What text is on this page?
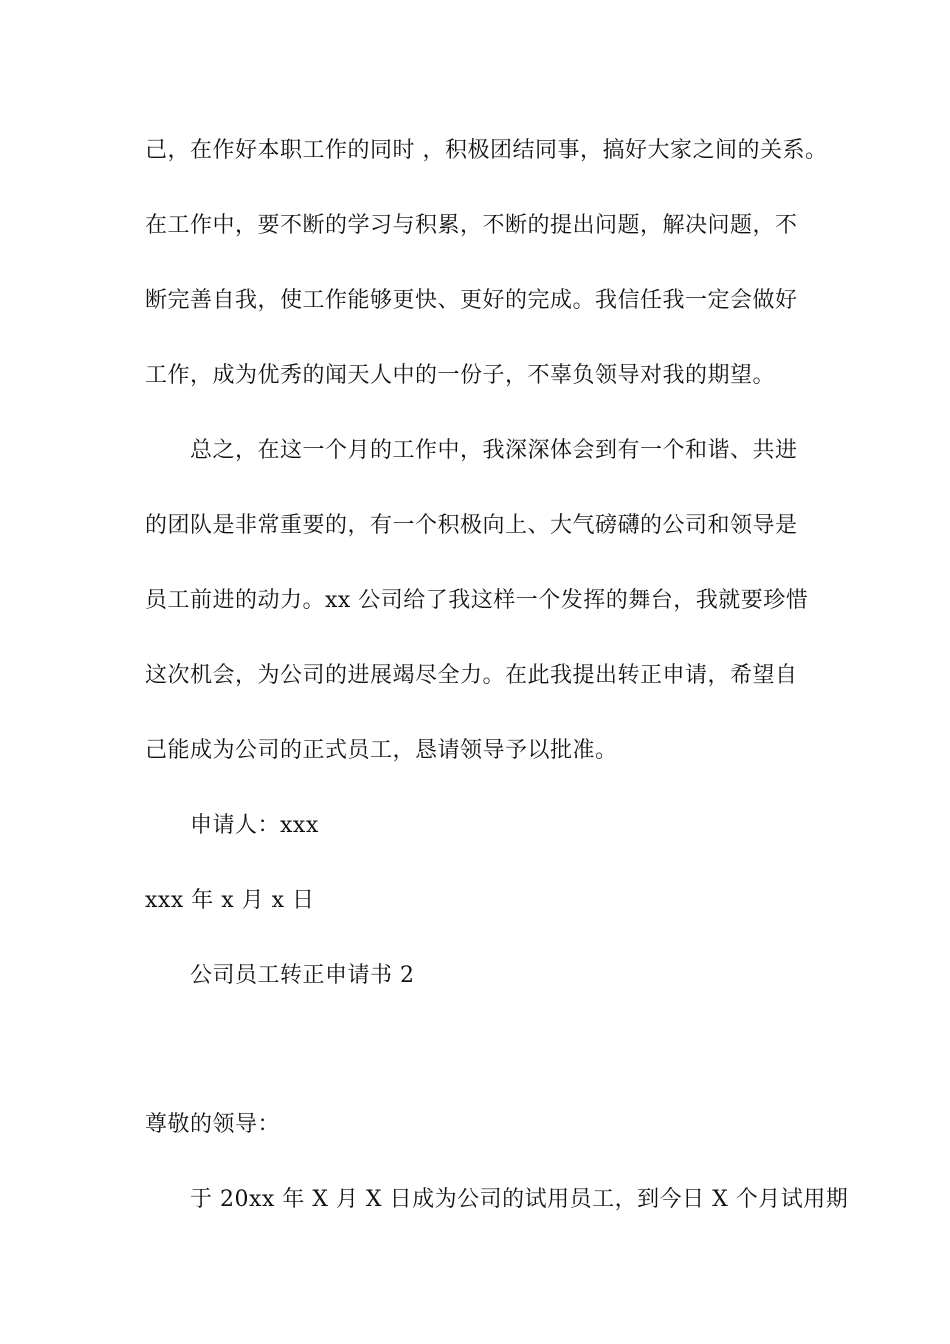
己，在作好本职工作的同时 ，积极团结同事，搞好大家之间的关系。
在工作中，要不断的学习与积累，不断的提出问题，解决问题，不
断完善自我，使工作能够更快、更好的完成。我信任我一定会做好
工作，成为优秀的闻天人中的一份子，不辜负领导对我的期望。
总之，在这一个月的工作中，我深深体会到有一个和谐、共进
的团队是非常重要的，有一个积极向上、大气磅礴的公司和领导是
员工前进的动力。xx 公司给了我这样一个发挥的舞台，我就要珍惜
这次机会，为公司的进展竭尽全力。在此我提出转正申请，希望自
己能成为公司的正式员工，恳请领导予以批准。
申请人：xxx
xxx 年 x 月 x 日
公司员工转正申请书 2
尊敬的领导：
于 20xx 年 X 月 X 日成为公司的试用员工，到今日 X 个月试用期
